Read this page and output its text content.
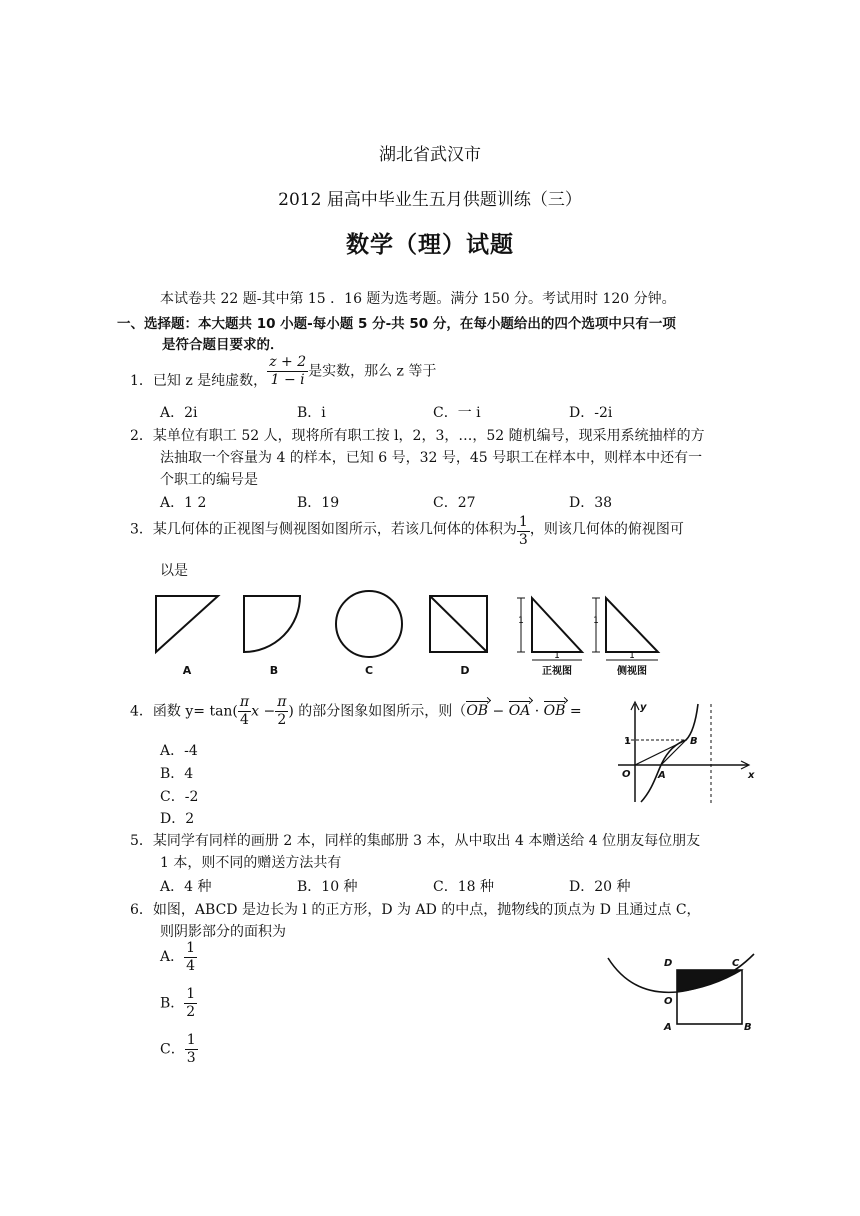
湖北省武汉市
2012 届高中毕业生五月供题训练（三）
数学（理）试题
本试卷共 22 题-其中第 15 ．16 题为选考题。满分 150 分。考试用时 120 分钟。
一、选择题：本大题共 10 小题-每小题 5 分-共 50 分，在每小题给出的四个选项中只有一项
是符合题目要求的．
1．已知 z 是纯虚数， $\frac{z + 2}{1 - i}$ 是实数，那么 z 等于
A．2i	B．i	C．一 i	D．-2i
2．某单位有职工 52 人，现将所有职工按 l，2，3，…，52 随机编号，现采用系统抽样的方
法抽取一个容量为 4 的样本，已知 6 号，32 号，45 号职工在样本中，则样本中还有一
个职工的编号是
A．1 2	B．19	C．27	D．38
3．某几何体的正视图与侧视图如图所示，若该几何体的体积为 $\frac{1}{3}$ ，则该几何体的俯视图可
以是
1
1
1
1
A	B	C	D	正视图	侧视图
4．函数 $y= \tan( \frac{\pi}{4}$ $x - \frac{\pi}{2}$ ) 的部分图象如图所示，则（OB − OA · OB =
A．-4
B．4
C．-2
D．2
y
x
O	A
B
1
5．某同学有同样的画册 2 本，同样的集邮册 3 本，从中取出 4 本赠送给 4 位朋友每位朋友
1 本，则不同的赠送方法共有
A．4 种	B．10 种	C．18 种	D．20 种
6．如图，ABCD 是边长为 l 的正方形，D 为 AD 的中点，抛物线的顶点为 D 且通过点 C，
则阴影部分的面积为
A． $\frac{1}{4}$
B． $\frac{1}{2}$
C． $\frac{1}{3}$
D	C
O
A	B
